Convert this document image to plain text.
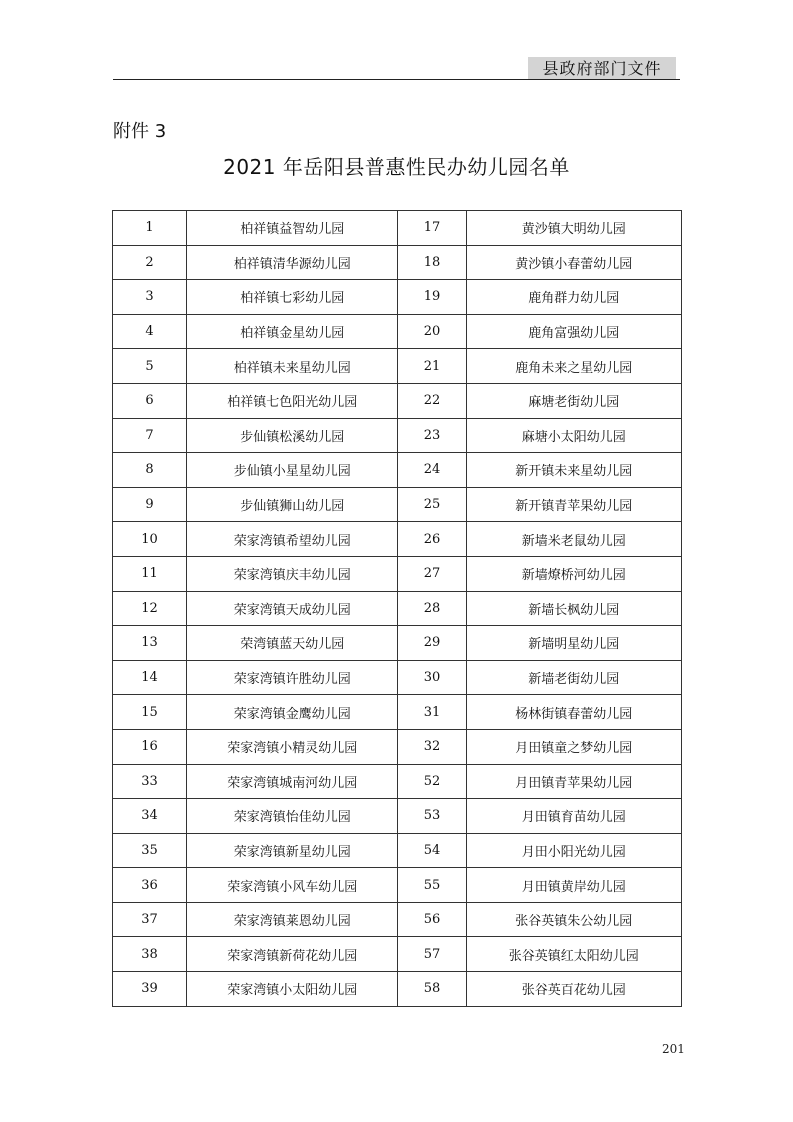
县政府部门文件
附件 3
2021 年岳阳县普惠性民办幼儿园名单
1	柏祥镇益智幼儿园	17	黄沙镇大明幼儿园
2	柏祥镇清华源幼儿园	18	黄沙镇小春蕾幼儿园
3	柏祥镇七彩幼儿园	19	鹿角群力幼儿园
4	柏祥镇金星幼儿园	20	鹿角富强幼儿园
5	柏祥镇未来星幼儿园	21	鹿角未来之星幼儿园
6	柏祥镇七色阳光幼儿园	22	麻塘老街幼儿园
7	步仙镇松溪幼儿园	23	麻塘小太阳幼儿园
8	步仙镇小星星幼儿园	24	新开镇未来星幼儿园
9	步仙镇狮山幼儿园	25	新开镇青苹果幼儿园
10	荣家湾镇希望幼儿园	26	新墙米老鼠幼儿园
11	荣家湾镇庆丰幼儿园	27	新墙燎桥河幼儿园
12	荣家湾镇天成幼儿园	28	新墙长枫幼儿园
13	荣湾镇蓝天幼儿园	29	新墙明星幼儿园
14	荣家湾镇许胜幼儿园	30	新墙老街幼儿园
15	荣家湾镇金鹰幼儿园	31	杨林街镇春蕾幼儿园
16	荣家湾镇小精灵幼儿园	32	月田镇童之梦幼儿园
33	荣家湾镇城南河幼儿园	52	月田镇青苹果幼儿园
34	荣家湾镇怡佳幼儿园	53	月田镇育苗幼儿园
35	荣家湾镇新星幼儿园	54	月田小阳光幼儿园
36	荣家湾镇小风车幼儿园	55	月田镇黄岸幼儿园
37	荣家湾镇莱恩幼儿园	56	张谷英镇朱公幼儿园
38	荣家湾镇新荷花幼儿园	57	张谷英镇红太阳幼儿园
39	荣家湾镇小太阳幼儿园	58	张谷英百花幼儿园
201
